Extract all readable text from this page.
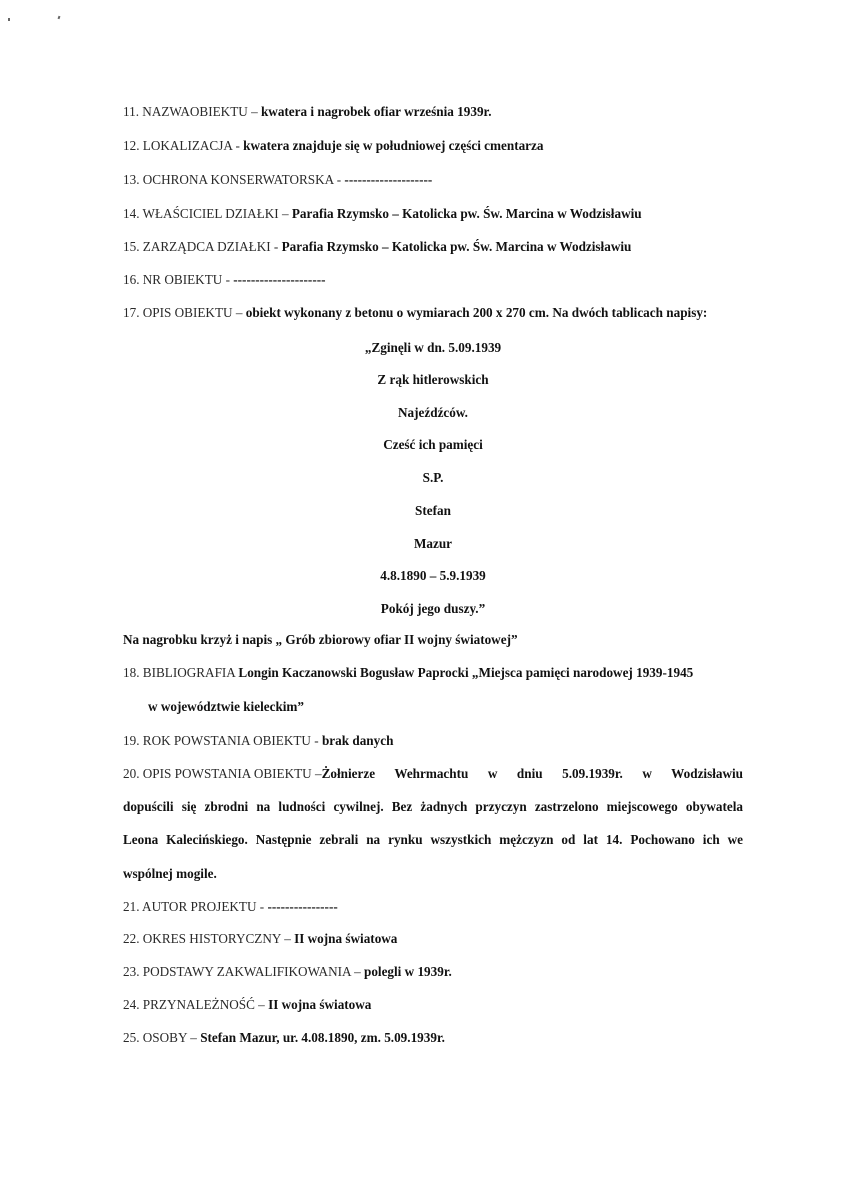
11. NAZWAOBIEKTU – kwatera i nagrobek ofiar września 1939r.
12. LOKALIZACJA - kwatera znajduje się w południowej części cmentarza
13. OCHRONA KONSERWATORSKA - --------------------
14. WŁAŚCICIEL DZIAŁKI – Parafia Rzymsko – Katolicka pw. Św. Marcina w Wodzisławiu
15. ZARZĄDCA DZIAŁKI - Parafia Rzymsko – Katolicka pw. Św. Marcina w Wodzisławiu
16. NR OBIEKTU - ---------------------
17. OPIS OBIEKTU – obiekt wykonany z betonu o wymiarach 200 x 270 cm. Na dwóch tablicach napisy:
„Zginęli w dn. 5.09.1939
Z rąk hitlerowskich
Najeźdźców.
Cześć ich pamięci
S.P.
Stefan
Mazur
4.8.1890 – 5.9.1939
Pokój jego duszy.”
Na nagrobku krzyż i napis „ Grób zbiorowy ofiar II wojny światowej”
18. BIBLIOGRAFIA Longin Kaczanowski Bogusław Paprocki „Miejsca pamięci narodowej 1939-1945
w województwie kieleckim”
19. ROK POWSTANIA OBIEKTU - brak danych
20. OPIS POWSTANIA OBIEKTU – Żołnierze Wehrmachtu w dniu 5.09.1939r. w Wodzisławiu
dopuścili się zbrodni na ludności cywilnej. Bez żadnych przyczyn zastrzelono miejscowego obywatela
Leona Kalecińskiego. Następnie zebrali na rynku wszystkich mężczyzn od lat 14. Pochowano ich we
wspólnej mogile.
21. AUTOR PROJEKTU - ----------------
22. OKRES HISTORYCZNY – II wojna światowa
23. PODSTAWY ZAKWALIFIKOWANIA – polegli w 1939r.
24. PRZYNALEŻNOŚĆ – II wojna światowa
25. OSOBY – Stefan Mazur, ur. 4.08.1890, zm. 5.09.1939r.
